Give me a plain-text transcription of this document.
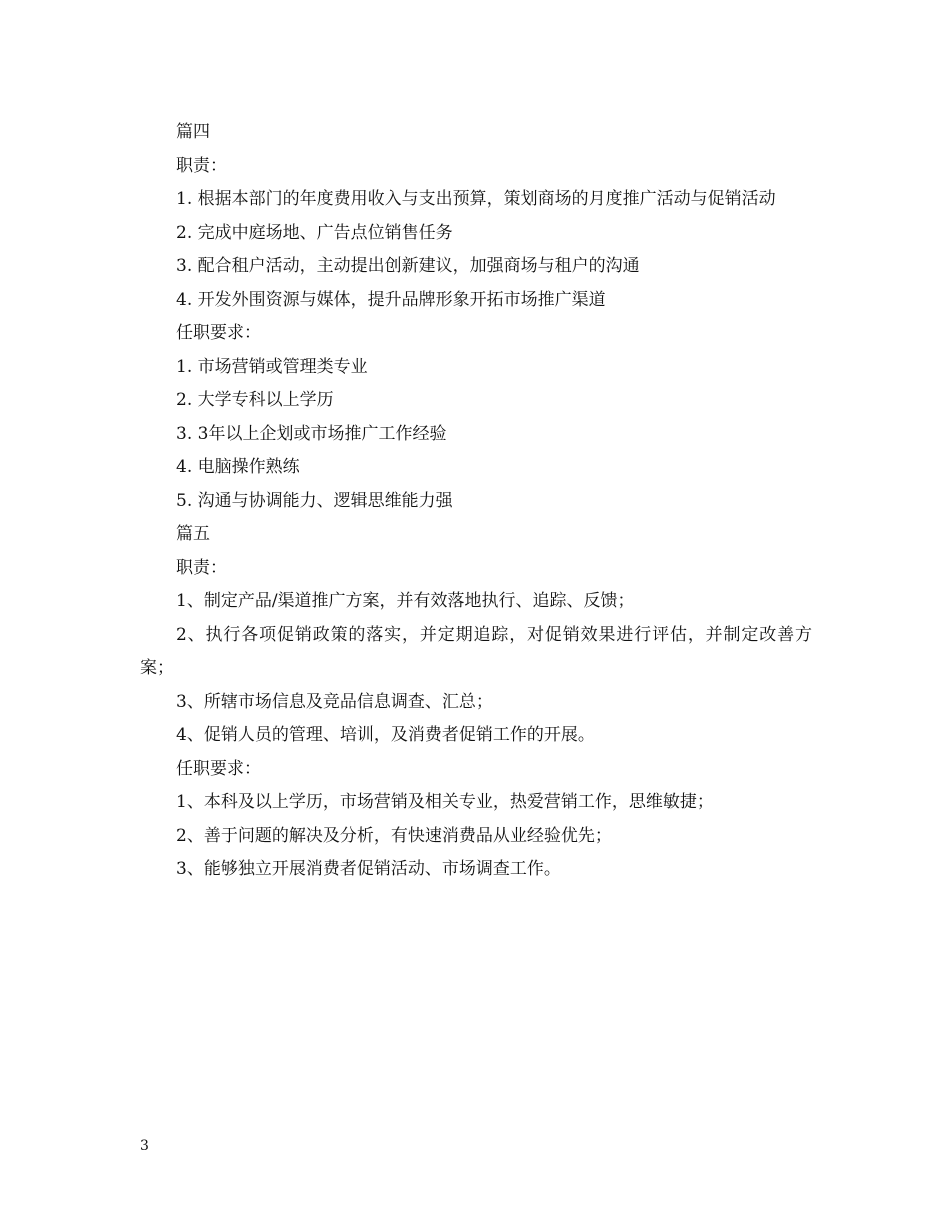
篇四

职责：

1. 根据本部门的年度费用收入与支出预算，策划商场的月度推广活动与促销活动

2. 完成中庭场地、广告点位销售任务

3. 配合租户活动，主动提出创新建议，加强商场与租户的沟通

4. 开发外围资源与媒体，提升品牌形象开拓市场推广渠道

任职要求：

1. 市场营销或管理类专业

2. 大学专科以上学历

3. 3年以上企划或市场推广工作经验

4. 电脑操作熟练

5. 沟通与协调能力、逻辑思维能力强

篇五

职责：

1、制定产品/渠道推广方案，并有效落地执行、追踪、反馈；

2、执行各项促销政策的落实，并定期追踪，对促销效果进行评估，并制定改善方案；

3、所辖市场信息及竞品信息调查、汇总；

4、促销人员的管理、培训，及消费者促销工作的开展。

任职要求：

1、本科及以上学历，市场营销及相关专业，热爱营销工作，思维敏捷；

2、善于问题的解决及分析，有快速消费品从业经验优先；

3、能够独立开展消费者促销活动、市场调查工作。

3
